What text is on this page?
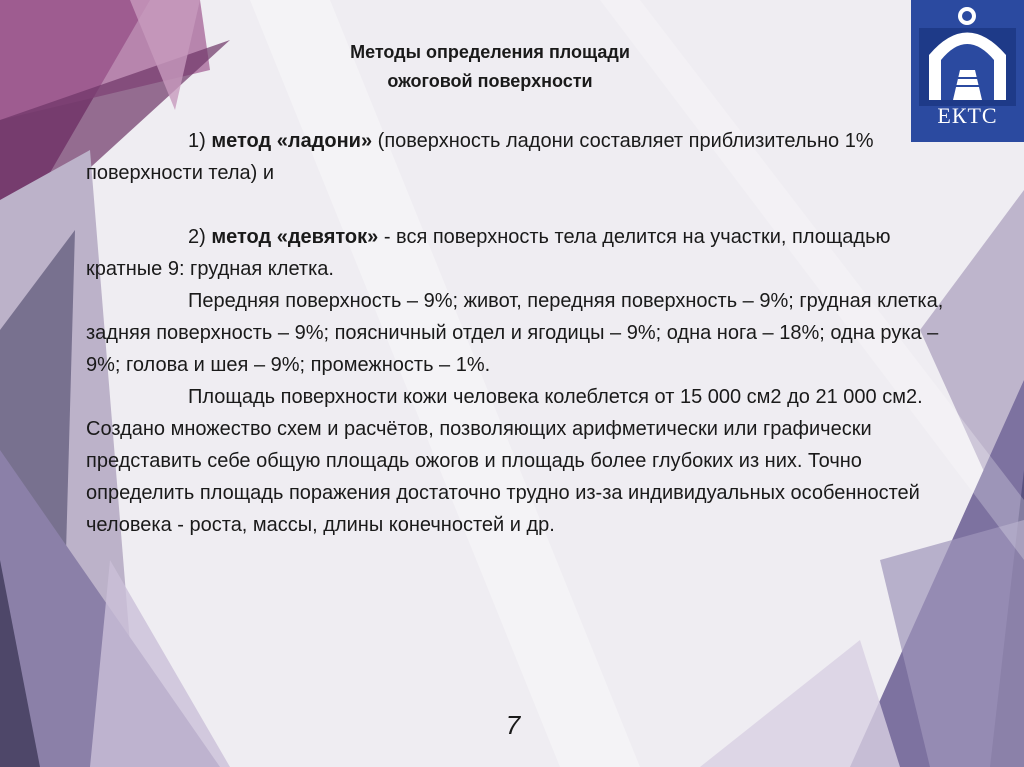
ЕКТС
Методы определения площади
ожоговой поверхности

1) метод «ладони» (поверхность ладони составляет приблизительно 1% поверхности тела) и

2) метод «девяток» - вся поверхность тела делится на участки, площадью кратные 9: грудная клетка.

Передняя поверхность – 9%; живот, передняя поверхность – 9%; грудная клетка, задняя поверхность – 9%; поясничный отдел и ягодицы – 9%; одна нога – 18%; одна рука – 9%; голова и шея – 9%; промежность – 1%.

Площадь поверхности кожи человека колеблется от 15 000 см2 до 21 000 см2. Создано множество схем и расчётов, позволяющих арифметически или графически представить себе общую площадь ожогов и площадь более глубоких из них. Точно определить площадь поражения достаточно трудно из-за индивидуальных особенностей человека - роста, массы, длины конечностей и др.

7
